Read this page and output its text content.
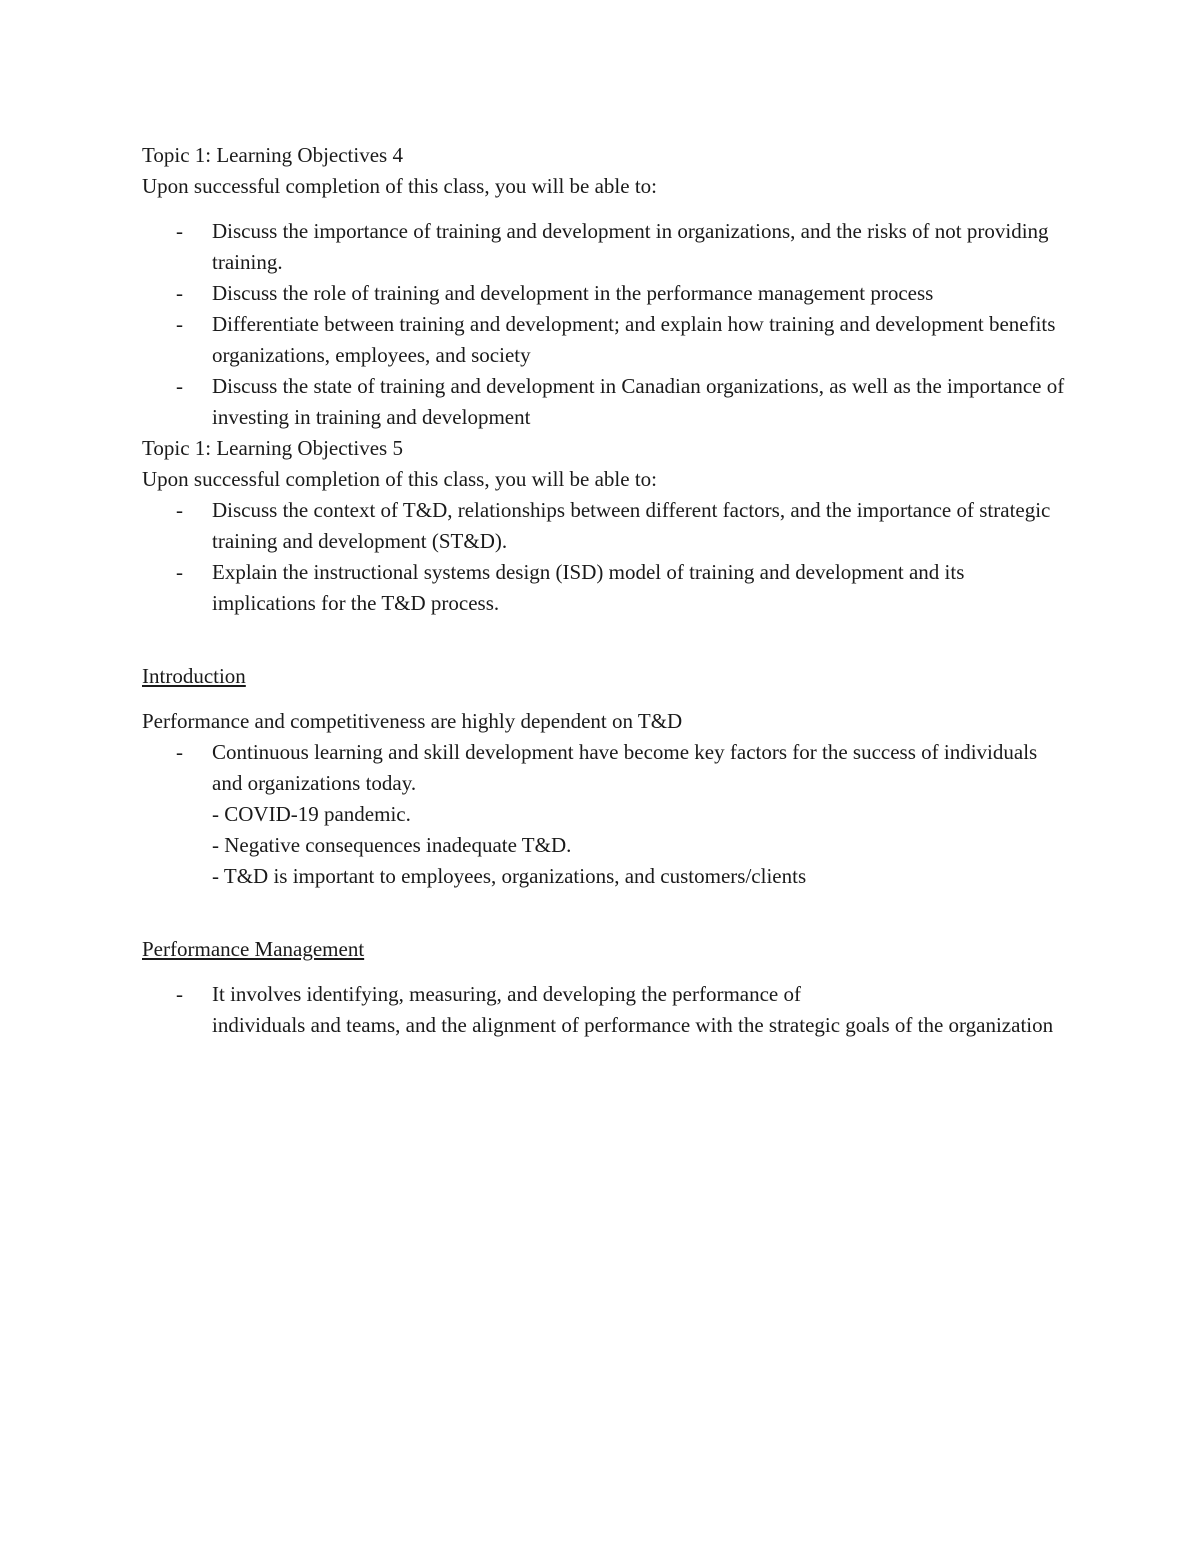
Topic 1: Learning Objectives 4

Upon successful completion of this class, you will be able to:

- Discuss the importance of training and development in organizations, and the risks of not providing training.
- Discuss the role of training and development in the performance management process
- Differentiate between training and development; and explain how training and development benefits organizations, employees, and society
- Discuss the state of training and development in Canadian organizations, as well as the importance of investing in training and development

Topic 1: Learning Objectives 5

Upon successful completion of this class, you will be able to:

- Discuss the context of T&D, relationships between different factors, and the importance of strategic training and development (ST&D).
- Explain the instructional systems design (ISD) model of training and development and its implications for the T&D process.

Introduction

Performance and competitiveness are highly dependent on T&D

- Continuous learning and skill development have become key factors for the success of individuals and organizations today.

- COVID-19 pandemic.

- Negative consequences inadequate T&D.

- T&D is important to employees, organizations, and customers/clients

Performance Management

- It involves identifying, measuring, and developing the performance of
individuals and teams, and the alignment of performance with the strategic goals of the organization
